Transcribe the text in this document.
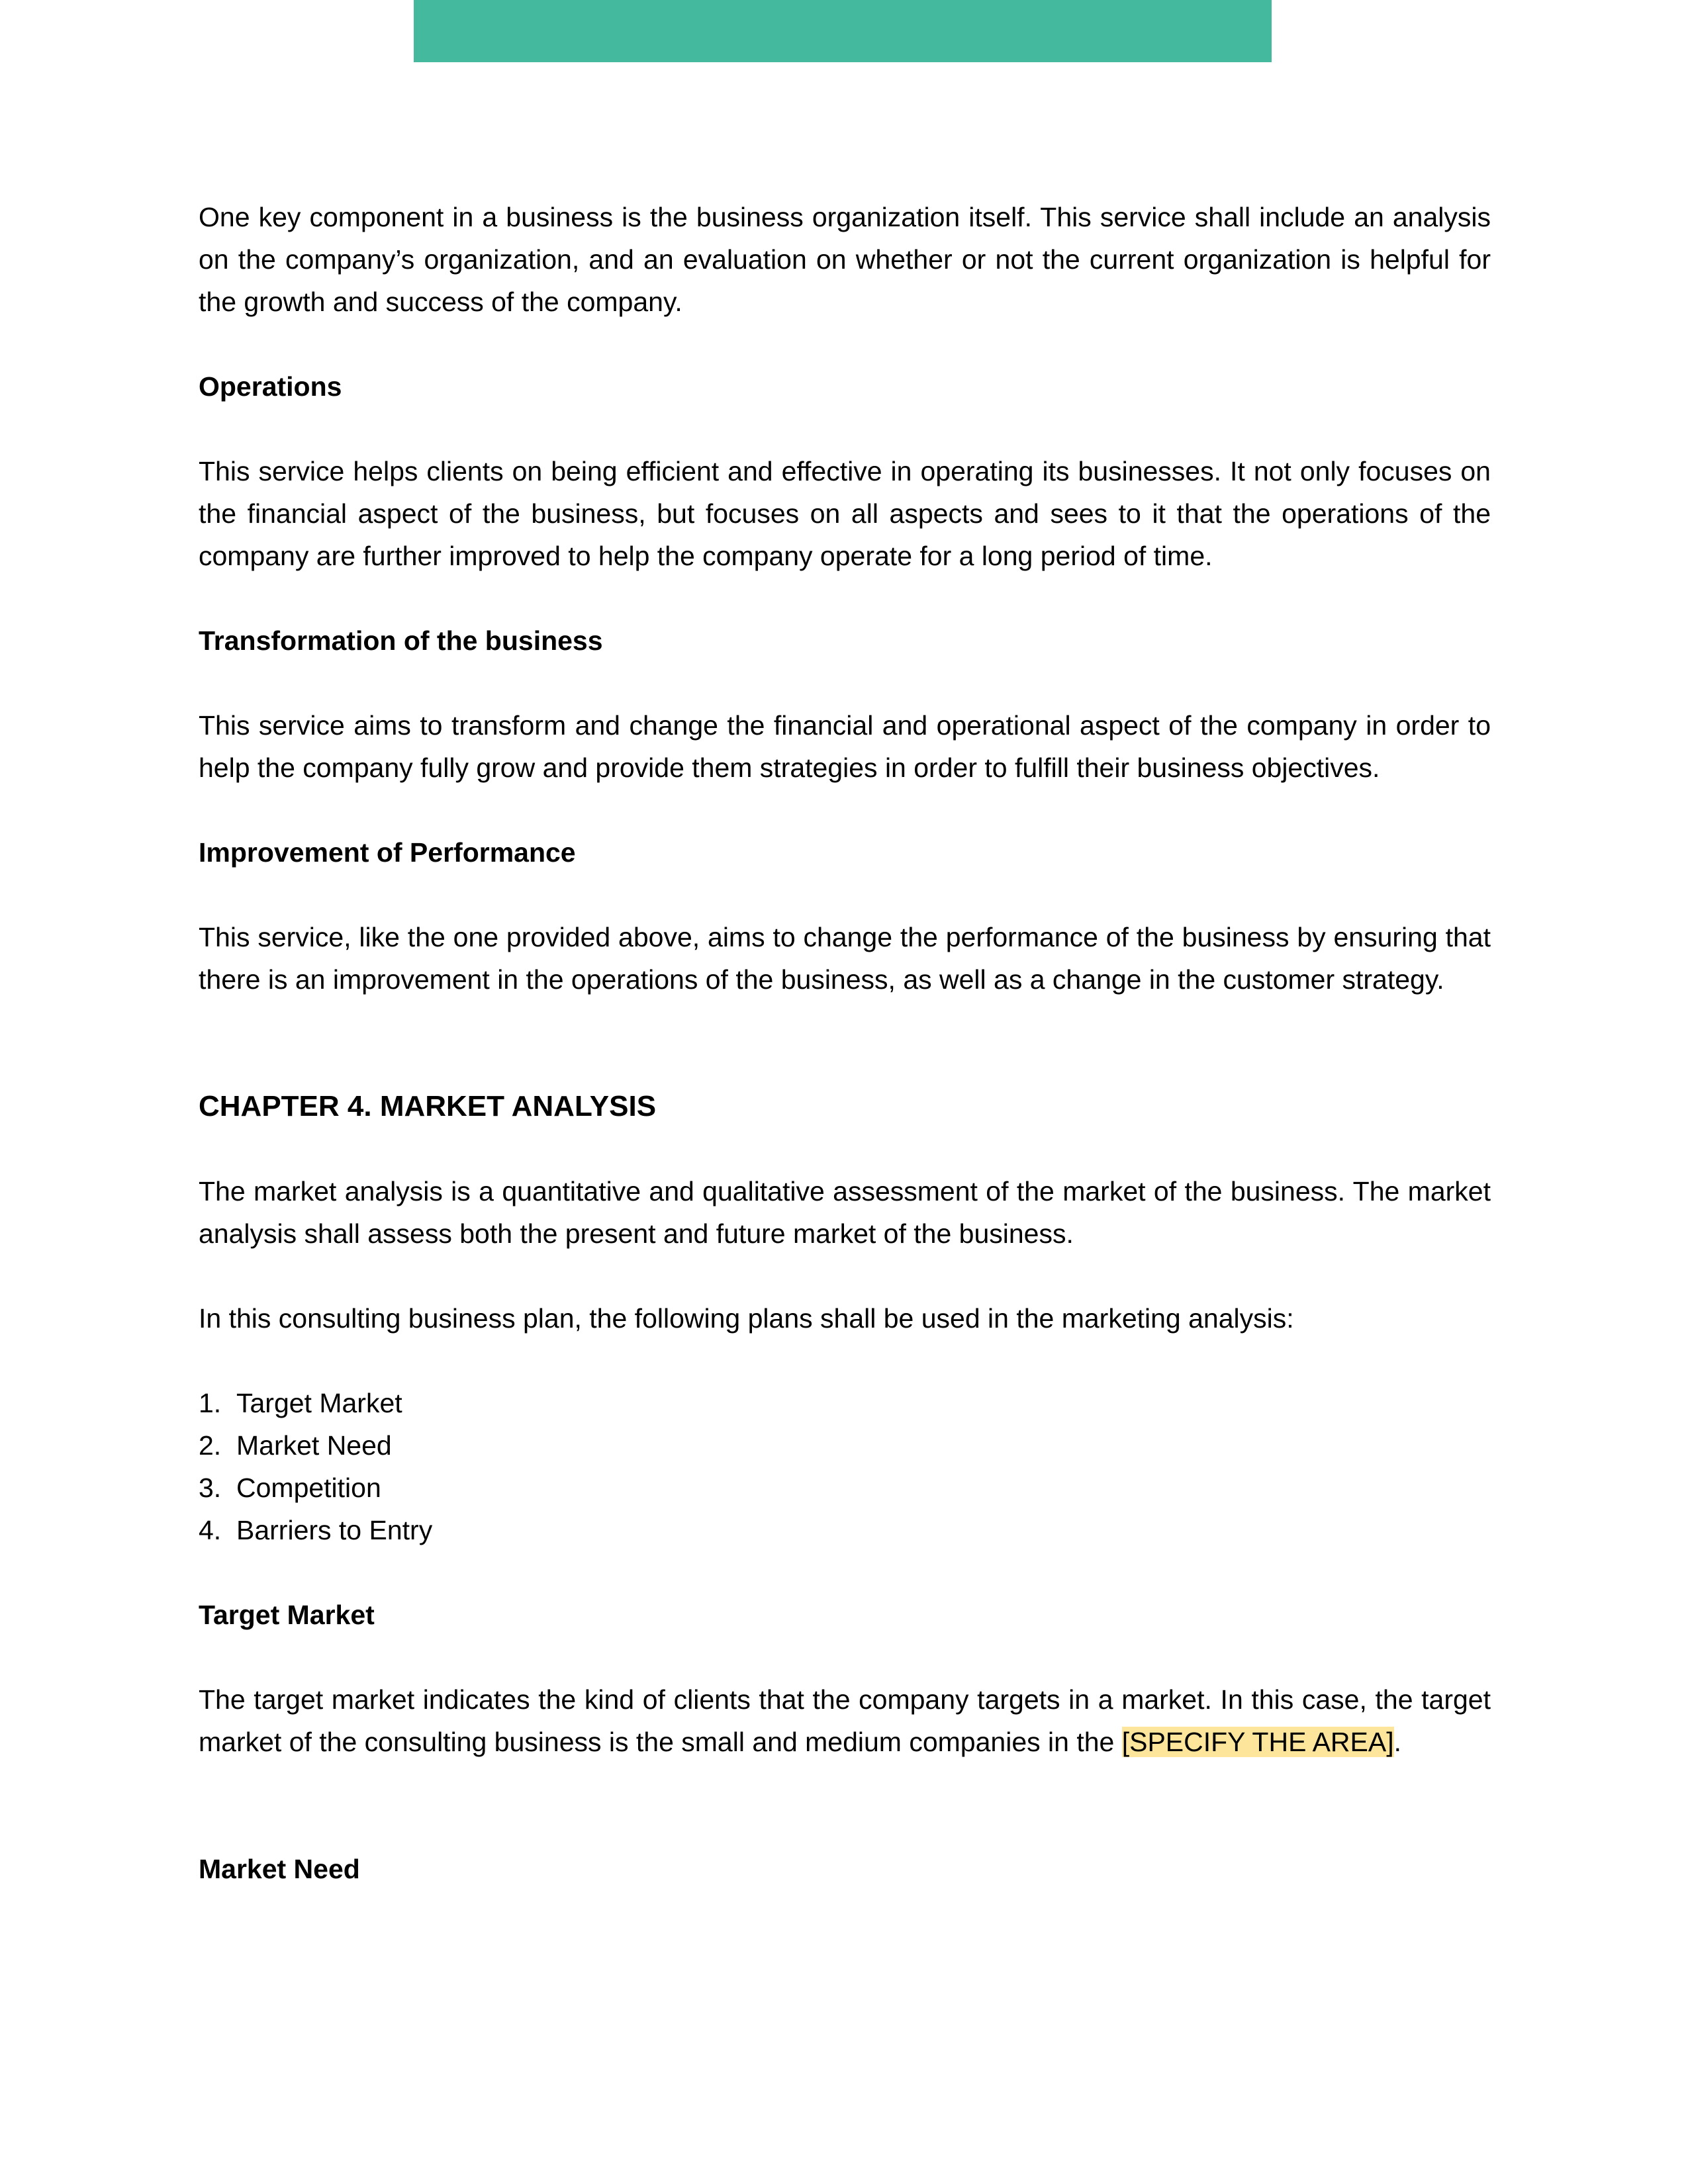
One key component in a business is the business organization itself. This service shall include an analysis on the company’s organization, and an evaluation on whether or not the current organization is helpful for the growth and success of the company.

Operations

This service helps clients on being efficient and effective in operating its businesses. It not only focuses on the financial aspect of the business, but focuses on all aspects and sees to it that the operations of the company are further improved to help the company operate for a long period of time.

Transformation of the business

This service aims to transform and change the financial and operational aspect of the company in order to help the company fully grow and provide them strategies in order to fulfill their business objectives.

Improvement of Performance

This service, like the one provided above, aims to change the performance of the business by ensuring that there is an improvement in the operations of the business, as well as a change in the customer strategy.

CHAPTER 4. MARKET ANALYSIS

The market analysis is a quantitative and qualitative assessment of the market of the business. The market analysis shall assess both the present and future market of the business.

In this consulting business plan, the following plans shall be used in the marketing analysis:

1. Target Market
2. Market Need
3. Competition
4. Barriers to Entry
Target Market

The target market indicates the kind of clients that the company targets in a market. In this case, the target market of the consulting business is the small and medium companies in the [SPECIFY THE AREA].

Market Need
